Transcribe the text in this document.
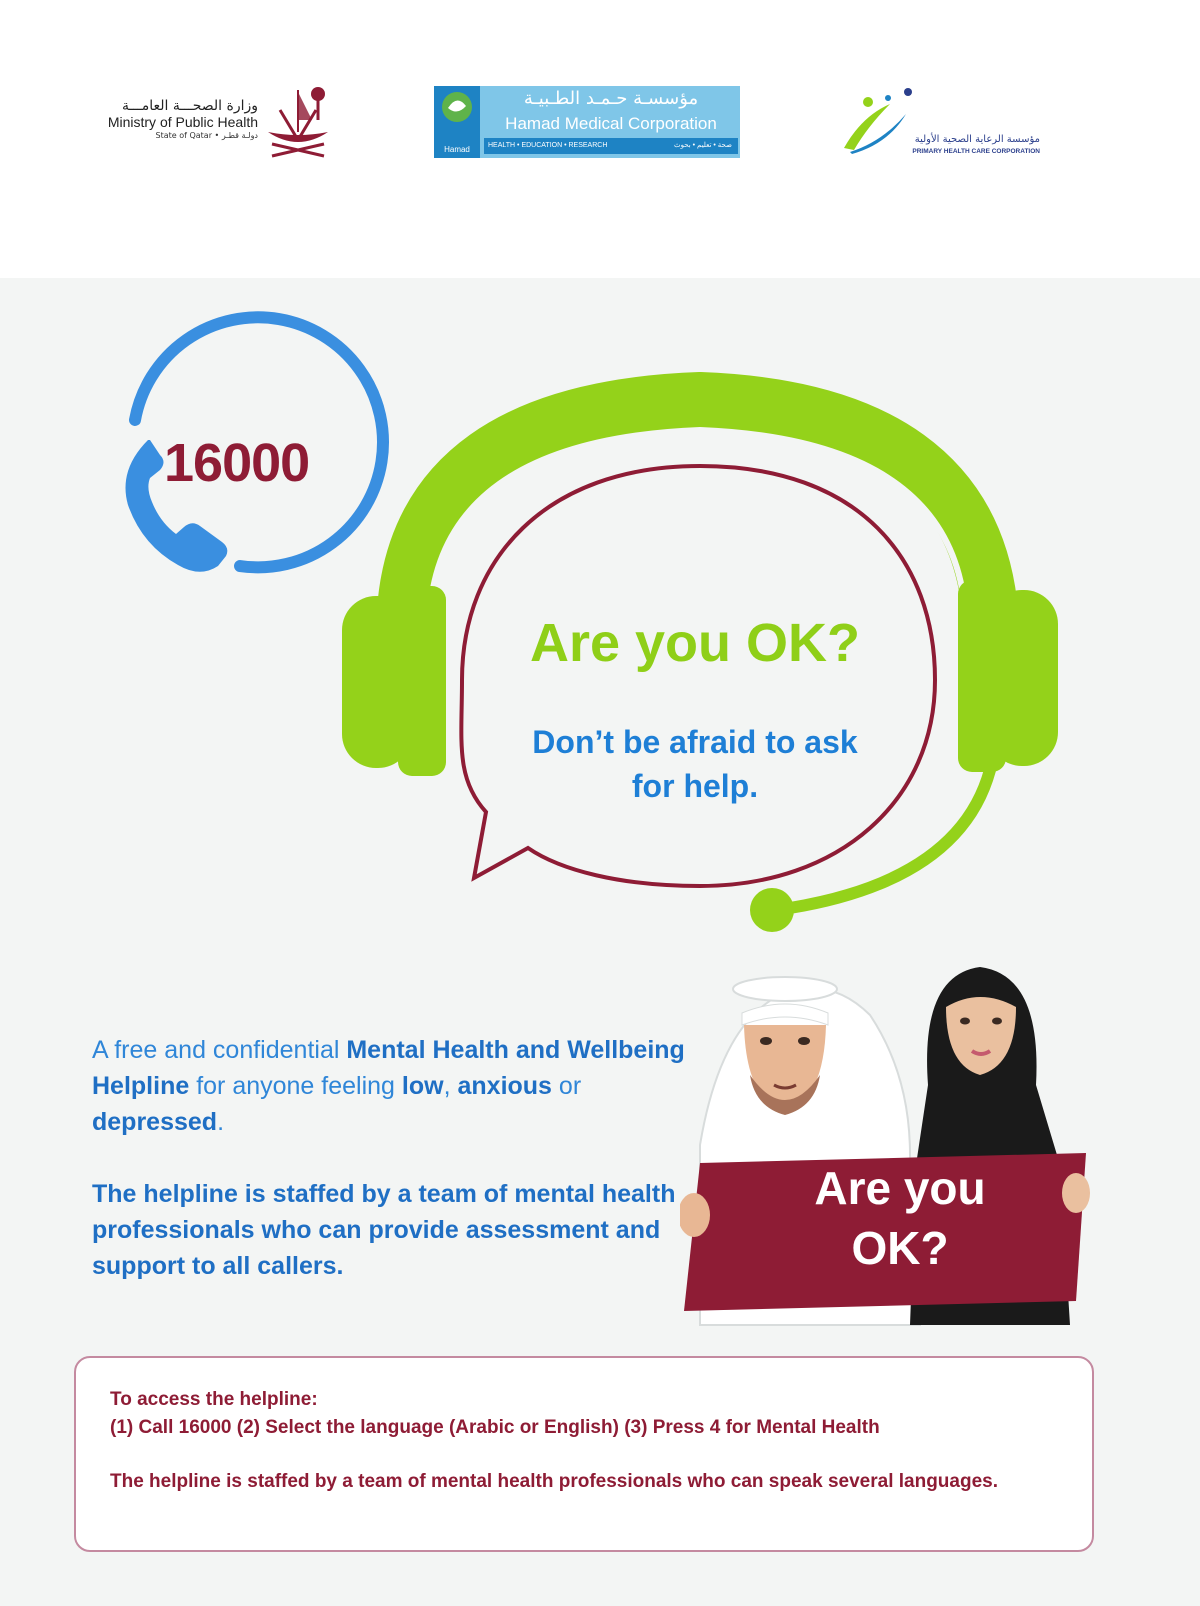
وزارة الصحـــة العامـــة
Ministry of Public Health
State of Qatar • دولـة قطـر
Hamad
مؤسسـة حـمـد الطـبيـة
Hamad Medical Corporation
HEALTH • EDUCATION • RESEARCH	صحة • تعليم • بحوث
مؤسسة الرعاية الصحية الأولية
PRIMARY HEALTH CARE CORPORATION
16000
Are you OK?
Don’t be afraid to ask
for help.
A free and confidential Mental Health and Wellbeing Helpline for anyone feeling low, anxious or depressed.
The helpline is staffed by a team of mental health professionals who can provide assessment and support to all callers.
Are you
OK?
To access the helpline:
(1) Call 16000 (2) Select the language (Arabic or English) (3) Press 4 for Mental Health
The helpline is staffed by a team of mental health professionals who can speak several languages.
